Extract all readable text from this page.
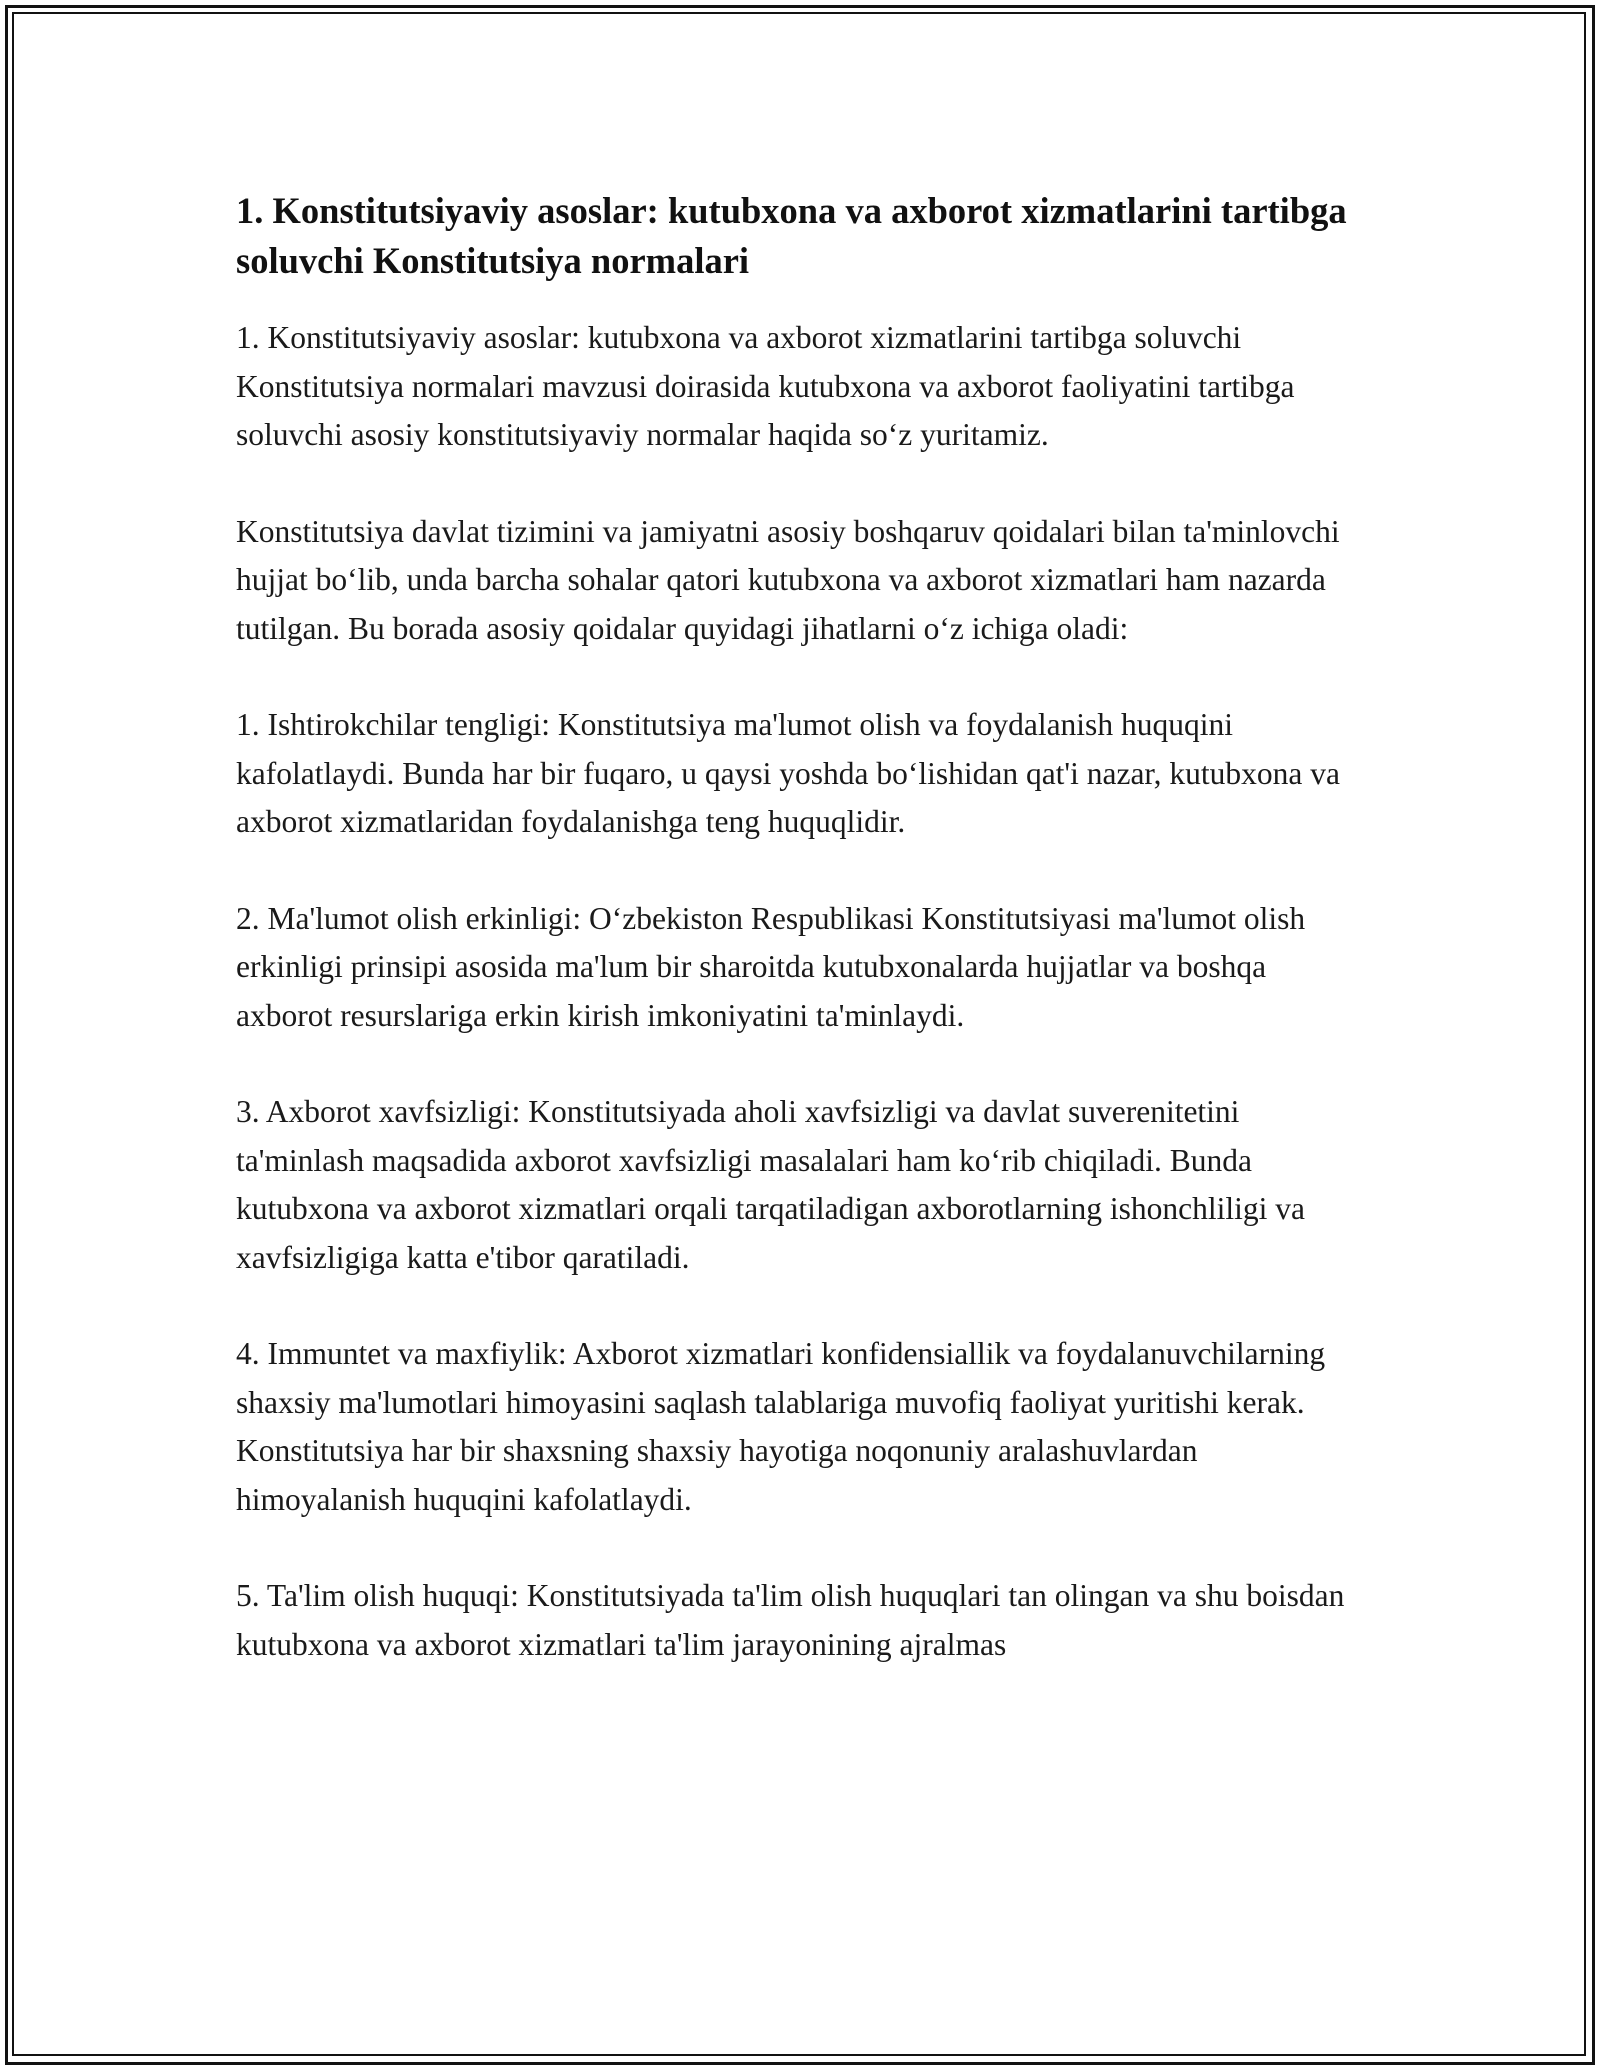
1. Konstitutsiyaviy asoslar: kutubxona va axborot xizmatlarini tartibga soluvchi Konstitutsiya normalari

1. Konstitutsiyaviy asoslar: kutubxona va axborot xizmatlarini tartibga soluvchi Konstitutsiya normalari mavzusi doirasida kutubxona va axborot faoliyatini tartibga soluvchi asosiy konstitutsiyaviy normalar haqida so‘z yuritamiz.

Konstitutsiya davlat tizimini va jamiyatni asosiy boshqaruv qoidalari bilan ta'minlovchi hujjat bo‘lib, unda barcha sohalar qatori kutubxona va axborot xizmatlari ham nazarda tutilgan. Bu borada asosiy qoidalar quyidagi jihatlarni o‘z ichiga oladi:

1. Ishtirokchilar tengligi: Konstitutsiya ma'lumot olish va foydalanish huquqini kafolatlaydi. Bunda har bir fuqaro, u qaysi yoshda bo‘lishidan qat'i nazar, kutubxona va axborot xizmatlaridan foydalanishga teng huquqlidir.

2. Ma'lumot olish erkinligi: O‘zbekiston Respublikasi Konstitutsiyasi ma'lumot olish erkinligi prinsipi asosida ma'lum bir sharoitda kutubxonalarda hujjatlar va boshqa axborot resurslariga erkin kirish imkoniyatini ta'minlaydi.

3. Axborot xavfsizligi: Konstitutsiyada aholi xavfsizligi va davlat suverenitetini ta'minlash maqsadida axborot xavfsizligi masalalari ham ko‘rib chiqiladi. Bunda kutubxona va axborot xizmatlari orqali tarqatiladigan axborotlarning ishonchliligi va xavfsizligiga katta e'tibor qaratiladi.

4. Immuntet va maxfiylik: Axborot xizmatlari konfidensiallik va foydalanuvchilarning shaxsiy ma'lumotlari himoyasini saqlash talablariga muvofiq faoliyat yuritishi kerak. Konstitutsiya har bir shaxsning shaxsiy hayotiga noqonuniy aralashuvlardan himoyalanish huquqini kafolatlaydi.

5. Ta'lim olish huquqi: Konstitutsiyada ta'lim olish huquqlari tan olingan va shu boisdan kutubxona va axborot xizmatlari ta'lim jarayonining ajralmas
